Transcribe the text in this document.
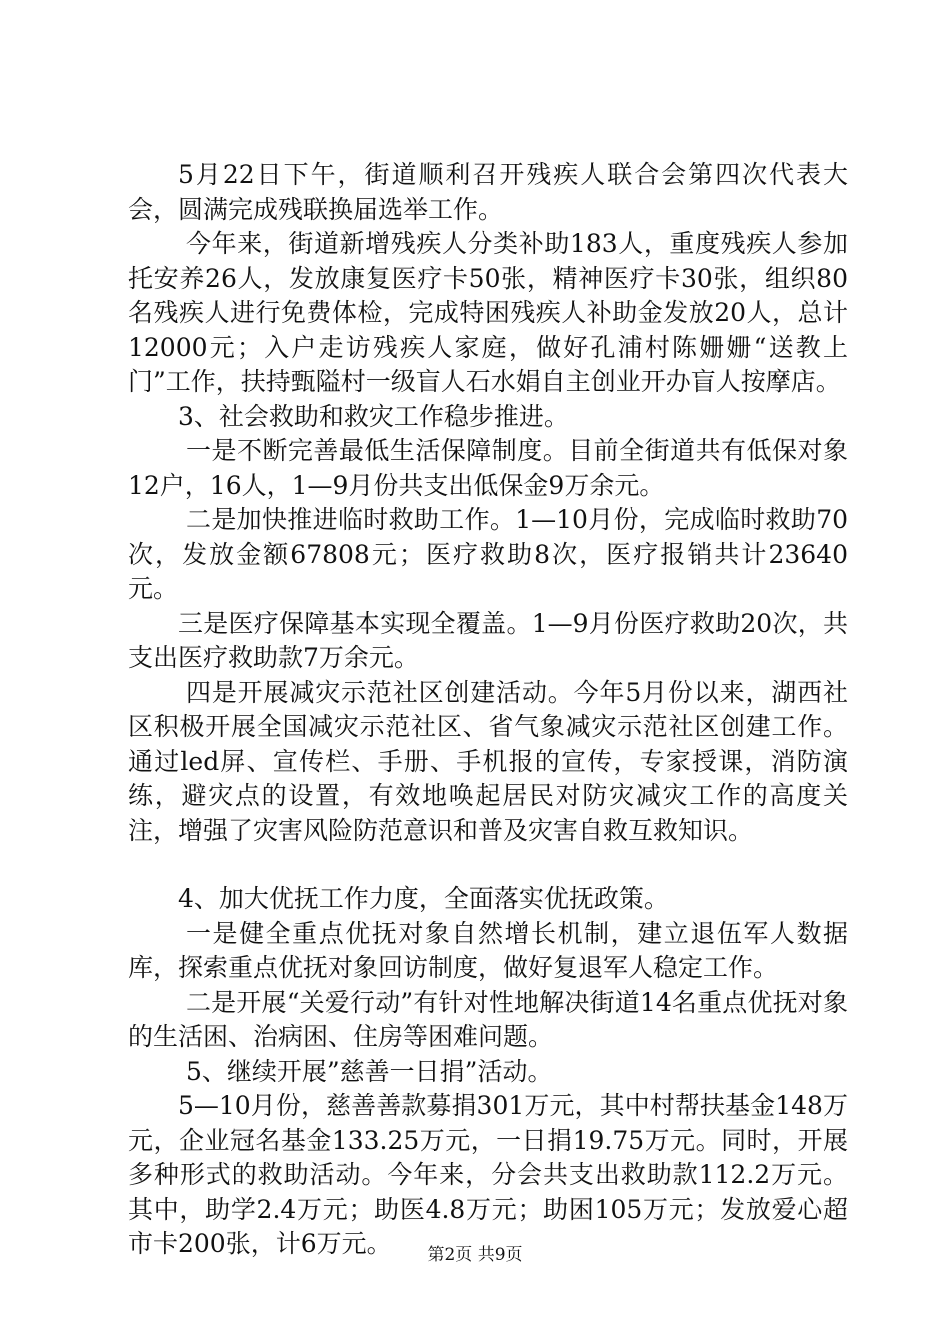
5月22日下午，街道顺利召开残疾人联合会第四次代表大会，圆满完成残联换届选举工作。

今年来，街道新增残疾人分类补助183人，重度残疾人参加托安养26人，发放康复医疗卡50张，精神医疗卡30张，组织80名残疾人进行免费体检，完成特困残疾人补助金发放20人，总计12000元；入户走访残疾人家庭，做好孔浦村陈姗姗“送教上门”工作，扶持甄隘村一级盲人石水娟自主创业开办盲人按摩店。

3、社会救助和救灾工作稳步推进。

一是不断完善最低生活保障制度。目前全街道共有低保对象12户，16人，1—9月份共支出低保金9万余元。

二是加快推进临时救助工作。1—10月份，完成临时救助70次，发放金额67808元；医疗救助8次，医疗报销共计23640元。

三是医疗保障基本实现全覆盖。1—9月份医疗救助20次，共支出医疗救助款7万余元。

四是开展减灾示范社区创建活动。今年5月份以来，湖西社区积极开展全国减灾示范社区、省气象减灾示范社区创建工作。通过led屏、宣传栏、手册、手机报的宣传，专家授课，消防演练，避灾点的设置，有效地唤起居民对防灾减灾工作的高度关注，增强了灾害风险防范意识和普及灾害自救互救知识。

4、加大优抚工作力度，全面落实优抚政策。

一是健全重点优抚对象自然增长机制，建立退伍军人数据库，探索重点优抚对象回访制度，做好复退军人稳定工作。

二是开展“关爱行动”有针对性地解决街道14名重点优抚对象的生活困、治病困、住房等困难问题。

5、继续开展”慈善一日捐”活动。

5—10月份，慈善善款募捐301万元，其中村帮扶基金148万元，企业冠名基金133.25万元，一日捐19.75万元。同时，开展多种形式的救助活动。今年来，分会共支出救助款112.2万元。其中，助学2.4万元；助医4.8万元；助困105万元；发放爱心超市卡200张，计6万元。	第2页 共9页
